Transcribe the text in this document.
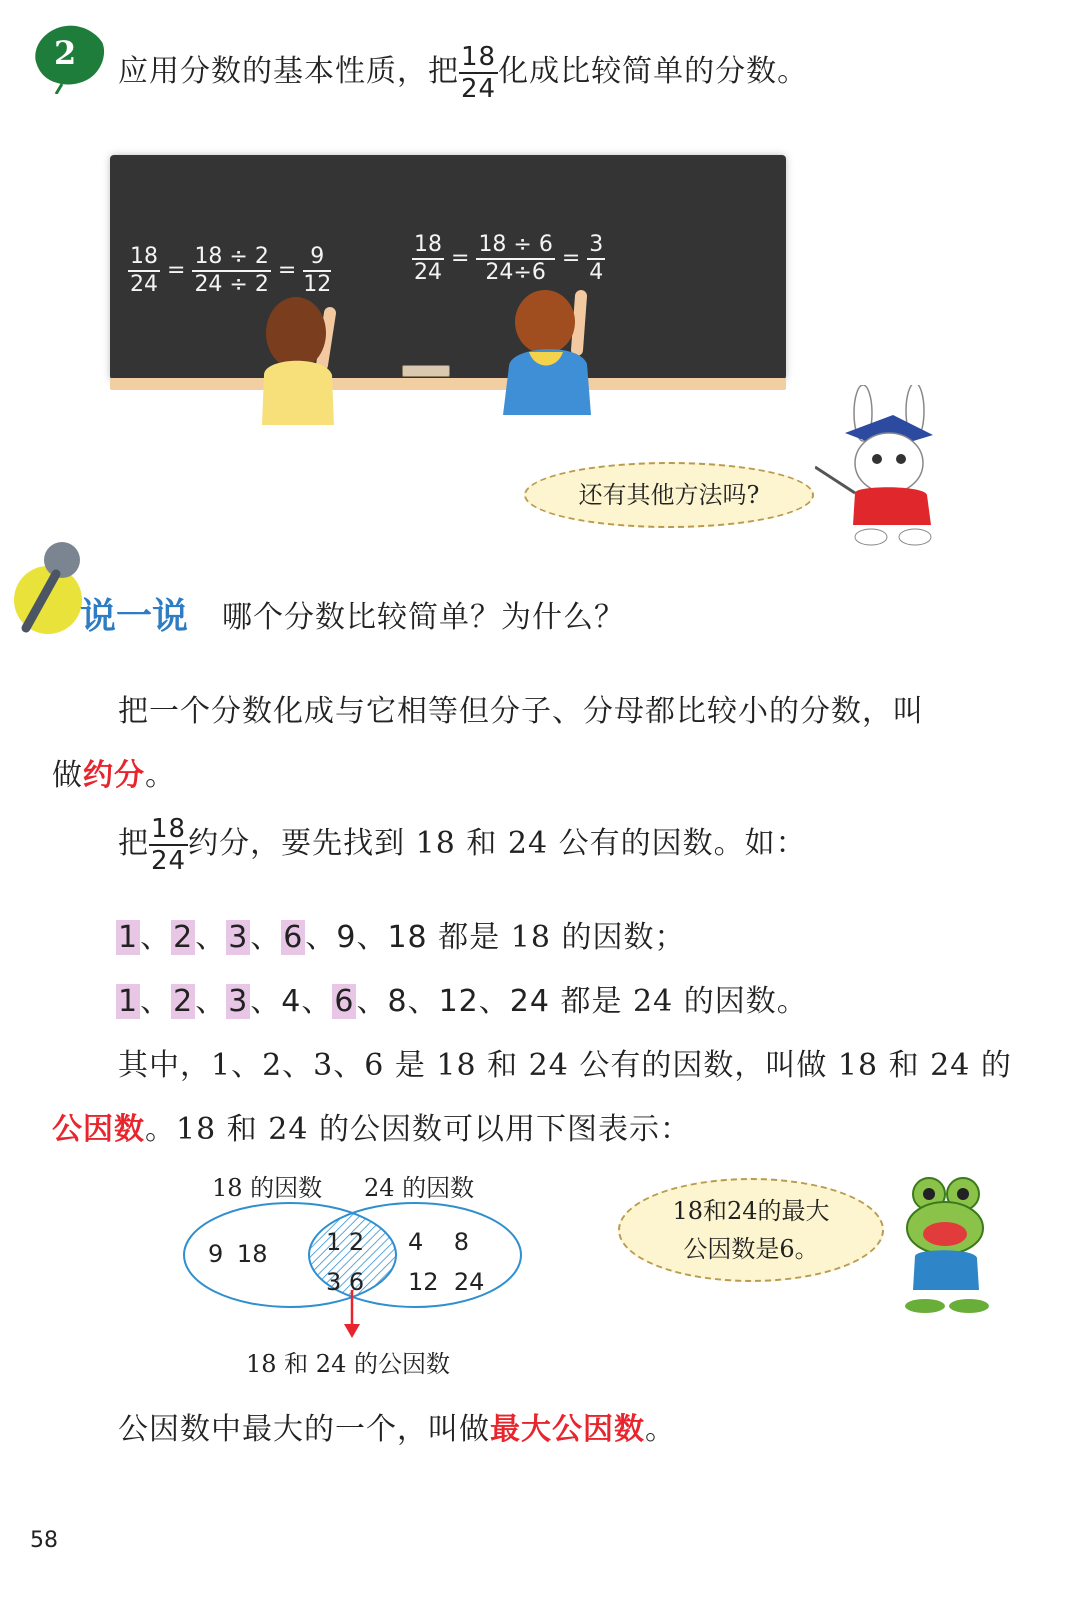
2 应用分数的基本性质，把 $\frac{18}{24}$ 化成比较简单的分数。
$\frac{18}{24} = \frac{18 \div 2}{24 \div 2} = \frac{9}{12}$	$\frac{18}{24} = \frac{18 \div 6}{24\div 6} = \frac{3}{4}$
还有其他方法吗?
说一说 哪个分数比较简单？为什么？
把一个分数化成与它相等但分子、分母都比较小的分数，叫
做约分。
把 $\frac{18}{24}$ 约分，要先找到 18 和 24 公有的因数。如：
1、2、3、6、9、18 都是 18 的因数；
1、2、3、4、6、8、12、24 都是 24 的因数。
其中，1、2、3、6 是 18 和 24 公有的因数，叫做 18 和 24 的
公因数。18 和 24 的公因数可以用下图表示：
18 的因数 24 的因数
9 18 1 2
3 6
4 8
12 24
18 和 24 的公因数
18和24的最大
公因数是6。
公因数中最大的一个，叫做最大公因数。
58
